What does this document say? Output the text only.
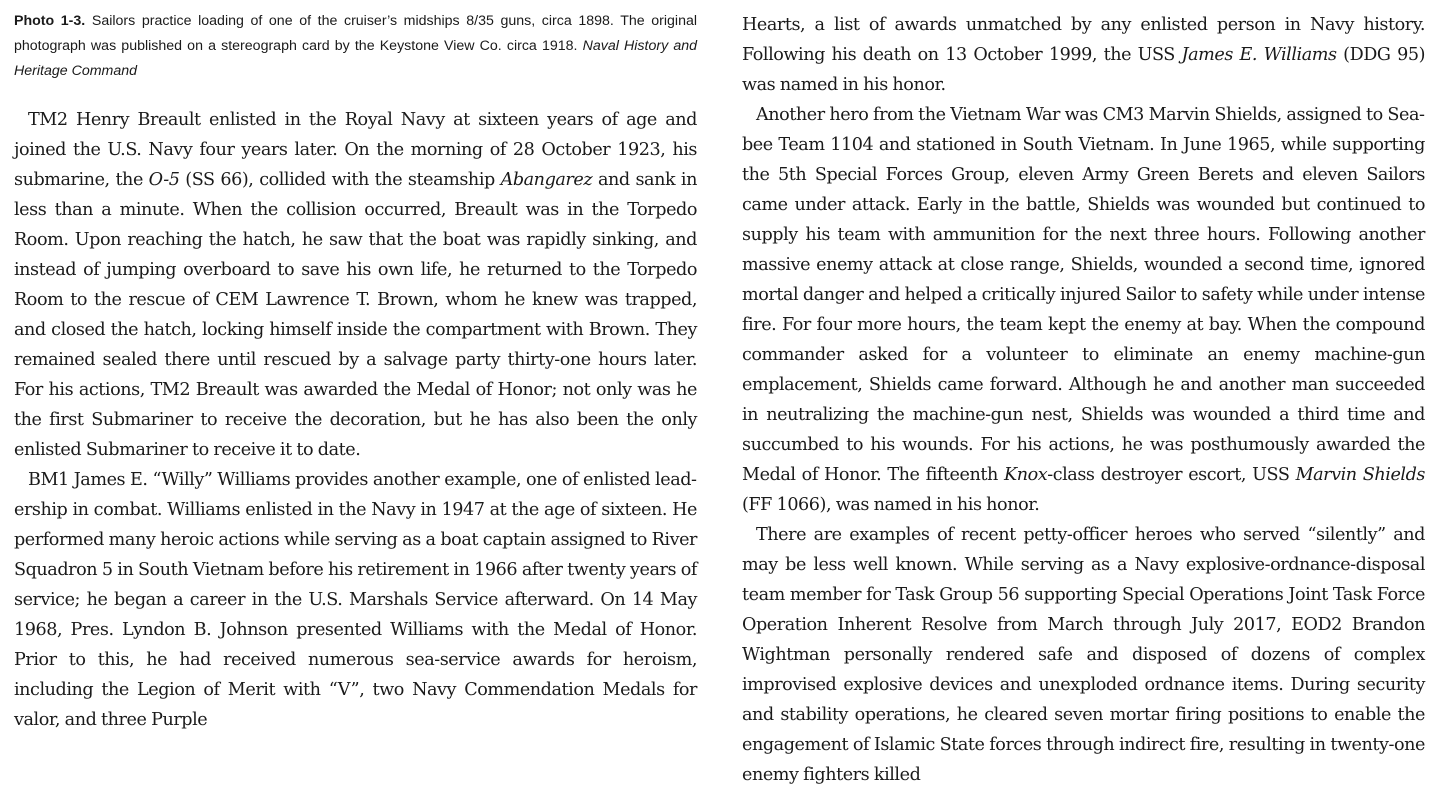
Photo 1-3. Sailors practice loading of one of the cruiser’s midships 8/35 guns, circa 1898. The original photograph was published on a stereograph card by the Keystone View Co. circa 1918. Naval History and Heritage Command

TM2 Henry Breault enlisted in the Royal Navy at sixteen years of age and joined the U.S. Navy four years later. On the morning of 28 October 1923, his submarine, the O-5 (SS 66), collided with the steamship Abangarez and sank in less than a minute. When the collision occurred, Breault was in the Torpedo Room. Upon reaching the hatch, he saw that the boat was rapidly sinking, and instead of jumping overboard to save his own life, he returned to the Torpedo Room to the rescue of CEM Lawrence T. Brown, whom he knew was trapped, and closed the hatch, locking himself inside the compartment with Brown. They remained sealed there until rescued by a salvage party thirty-one hours later. For his actions, TM2 Breault was awarded the Medal of Honor; not only was he the first Submariner to receive the decoration, but he has also been the only enlisted Submariner to receive it to date.

BM1 James E. “Willy” Williams provides another example, one of enlisted leadership in combat. Williams enlisted in the Navy in 1947 at the age of sixteen. He performed many heroic actions while serving as a boat captain assigned to River Squadron 5 in South Vietnam before his retirement in 1966 after twenty years of service; he began a career in the U.S. Marshals Service afterward. On 14 May 1968, Pres. Lyndon B. Johnson presented Williams with the Medal of Honor. Prior to this, he had received numerous sea-service awards for heroism, including the Legion of Merit with “V”, two Navy Commendation Medals for valor, and three Purple

Hearts, a list of awards unmatched by any enlisted person in Navy history. Following his death on 13 October 1999, the USS James E. Williams (DDG 95) was named in his honor.

Another hero from the Vietnam War was CM3 Marvin Shields, assigned to Seabee Team 1104 and stationed in South Vietnam. In June 1965, while supporting the 5th Special Forces Group, eleven Army Green Berets and eleven Sailors came under attack. Early in the battle, Shields was wounded but continued to supply his team with ammunition for the next three hours. Following another massive enemy attack at close range, Shields, wounded a second time, ignored mortal danger and helped a critically injured Sailor to safety while under intense fire. For four more hours, the team kept the enemy at bay. When the compound commander asked for a volunteer to eliminate an enemy machine-gun emplacement, Shields came forward. Although he and another man succeeded in neutralizing the machine-gun nest, Shields was wounded a third time and succumbed to his wounds. For his actions, he was posthumously awarded the Medal of Honor. The fifteenth Knox-class destroyer escort, USS Marvin Shields (FF 1066), was named in his honor.

There are examples of recent petty-officer heroes who served “silently” and may be less well known. While serving as a Navy explosive-ordnance-disposal team member for Task Group 56 supporting Special Operations Joint Task Force Operation Inherent Resolve from March through July 2017, EOD2 Brandon Wightman personally rendered safe and disposed of dozens of complex improvised explosive devices and unexploded ordnance items. During security and stability operations, he cleared seven mortar firing positions to enable the engagement of Islamic State forces through indirect fire, resulting in twenty-one enemy fighters killed
